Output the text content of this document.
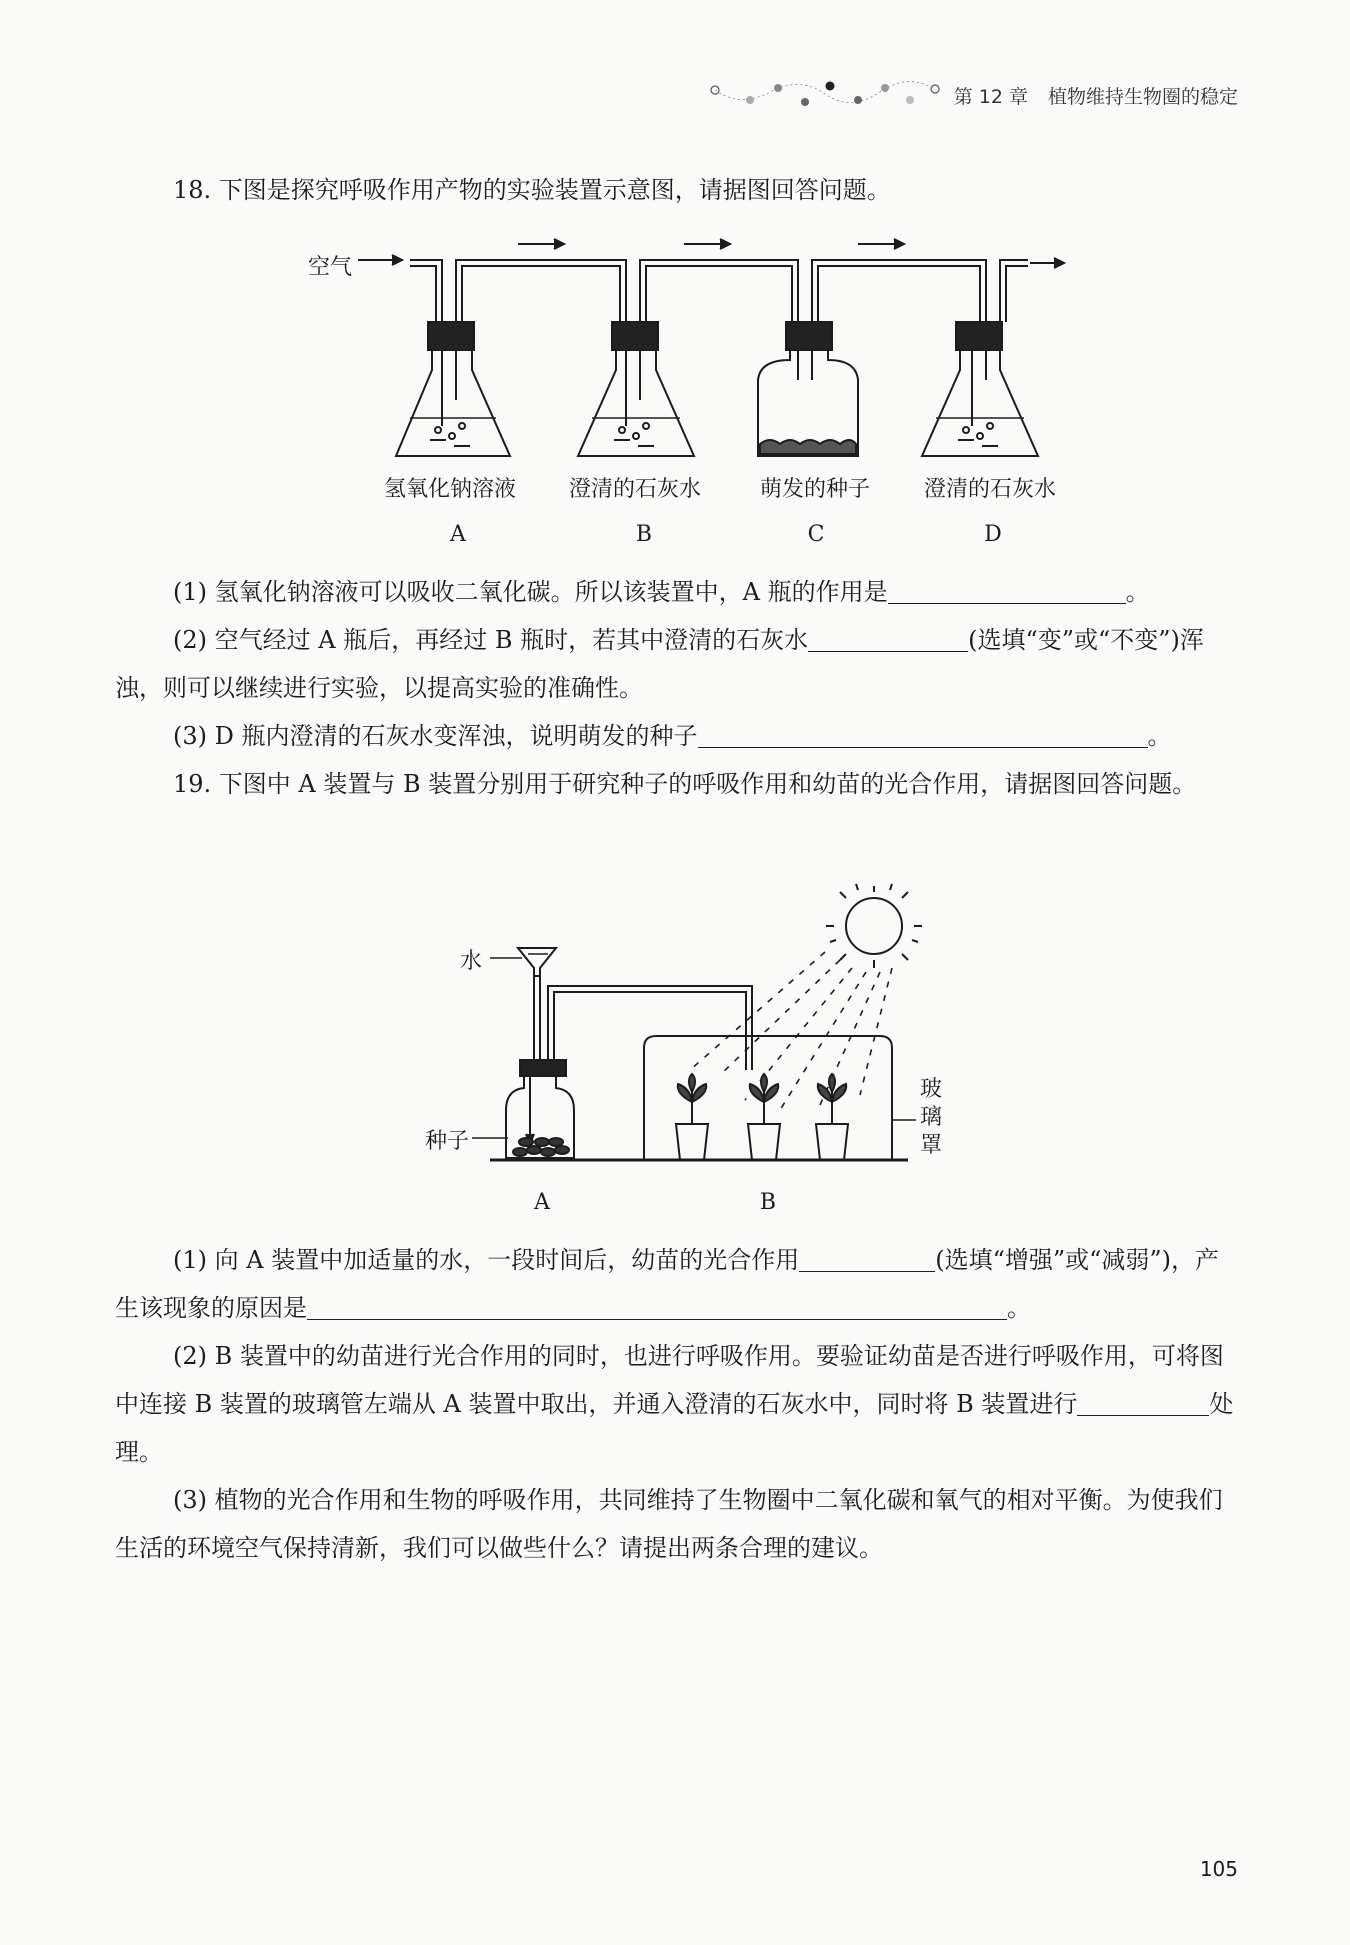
第 12 章 植物维持生物圈的稳定

18. 下图是探究呼吸作用产物的实验装置示意图，请据图回答问题。

空气
氢氧化钠溶液	澄清的石灰水	萌发的种子	澄清的石灰水
A	B	C	D

(1) 氢氧化钠溶液可以吸收二氧化碳。所以该装置中，A 瓶的作用是	。

(2) 空气经过 A 瓶后，再经过 B 瓶时，若其中澄清的石灰水	(选填“变”或“不变”)浑浊，则可以继续进行实验，以提高实验的准确性。

(3) D 瓶内澄清的石灰水变浑浊，说明萌发的种子	。

19. 下图中 A 装置与 B 装置分别用于研究种子的呼吸作用和幼苗的光合作用，请据图回答问题。

水
种子
玻璃罩
A	B

(1) 向 A 装置中加适量的水，一段时间后，幼苗的光合作用	(选填“增强”或“减弱”)，产生该现象的原因是	。

(2) B 装置中的幼苗进行光合作用的同时，也进行呼吸作用。要验证幼苗是否进行呼吸作用，可将图中连接 B 装置的玻璃管左端从 A 装置中取出，并通入澄清的石灰水中，同时将 B 装置进行	处理。

(3) 植物的光合作用和生物的呼吸作用，共同维持了生物圈中二氧化碳和氧气的相对平衡。为使我们生活的环境空气保持清新，我们可以做些什么？请提出两条合理的建议。

105
